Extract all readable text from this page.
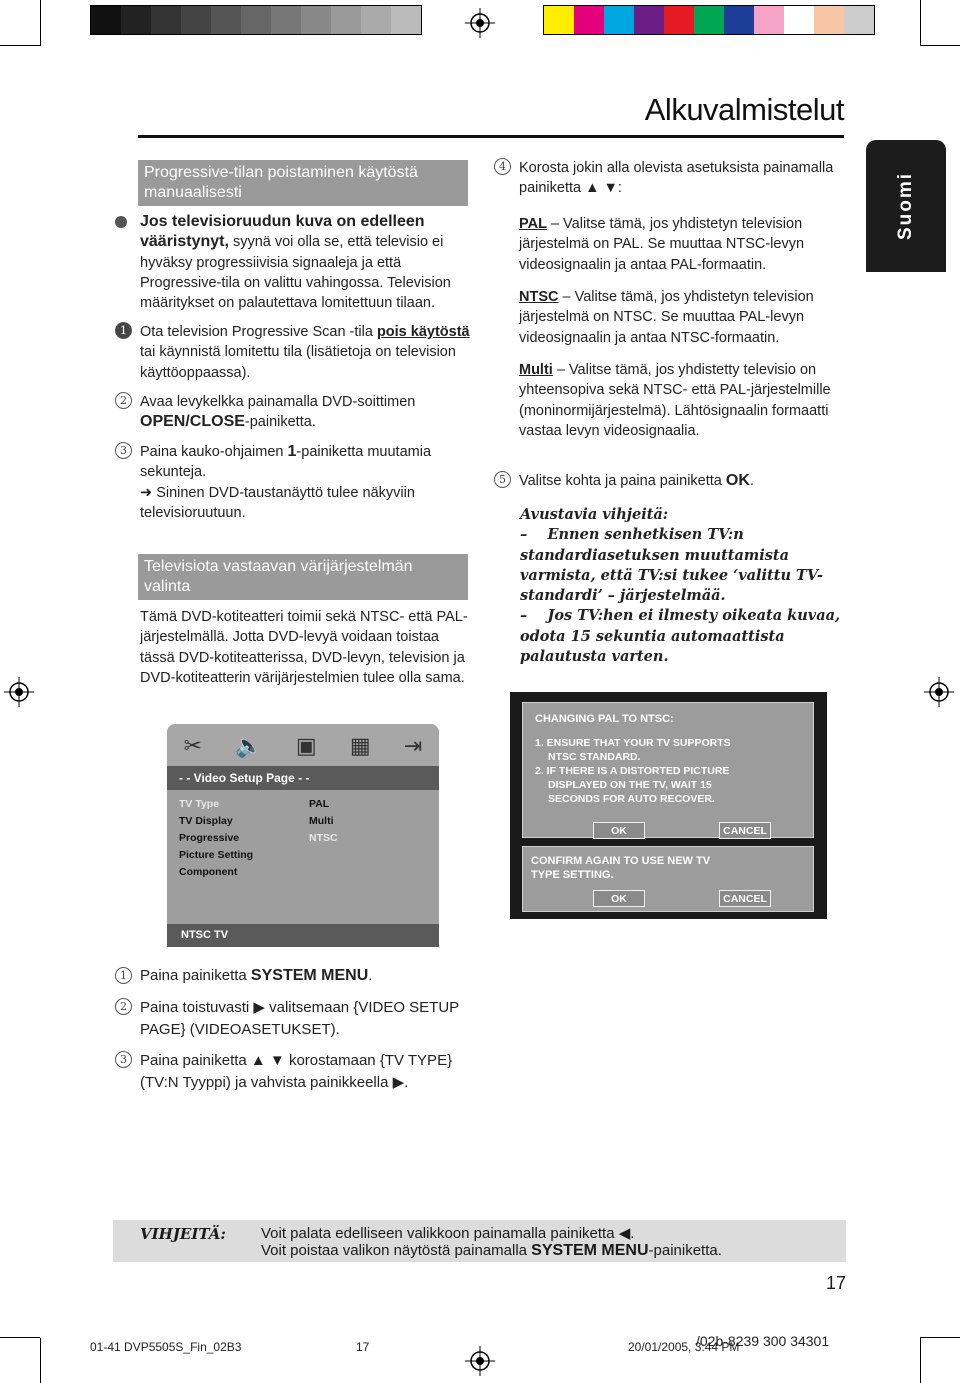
Alkuvalmistelut
Suomi
Progressive-tilan poistaminen käytöstä manuaalisesti
Jos televisioruudun kuva on edelleen vääristynyt, syynä voi olla se, että televisio ei hyväksy progressiivisia signaaleja ja että Progressive-tila on valittu vahingossa. Television määritykset on palautettava lomitettuun tilaan.
1 Ota television Progressive Scan -tila pois käytöstä tai käynnistä lomitettu tila (lisätietoja on television käyttöoppaassa).
2 Avaa levykelkka painamalla DVD-soittimen OPEN/CLOSE-painiketta.
3 Paina kauko-ohjaimen 1-painiketta muutamia sekunteja.
➜ Sininen DVD-taustanäyttö tulee näkyviin televisioruutuun.
Televisiota vastaavan värijärjestelmän valinta
Tämä DVD-kotiteatteri toimii sekä NTSC- että PAL-järjestelmällä. Jotta DVD-levyä voidaan toistaa tässä DVD-kotiteatterissa, DVD-levyn, television ja DVD-kotiteatterin värijärjestelmien tulee olla sama.
✂ 🔈 ▣ ▦ ⇥
- - Video Setup Page - -
TV Type	PAL
TV Display	Multi
Progressive	NTSC
Picture Setting
Component
NTSC TV
1 Paina painiketta SYSTEM MENU.
2 Paina toistuvasti ▶ valitsemaan {VIDEO SETUP PAGE} (VIDEOASETUKSET).
3 Paina painiketta ▲ ▼ korostamaan {TV TYPE} (TV:N Tyyppi) ja vahvista painikkeella ▶.
4 Korosta jokin alla olevista asetuksista painamalla painiketta ▲ ▼:
PAL – Valitse tämä, jos yhdistetyn television järjestelmä on PAL. Se muuttaa NTSC-levyn videosignaalin ja antaa PAL-formaatin.
NTSC – Valitse tämä, jos yhdistetyn television järjestelmä on NTSC. Se muuttaa PAL-levyn videosignaalin ja antaa NTSC-formaatin.
Multi – Valitse tämä, jos yhdistetty televisio on yhteensopiva sekä NTSC- että PAL-järjestelmille (moninormijärjestelmä). Lähtösignaalin formaatti vastaa levyn videosignaalia.
5 Valitse kohta ja paina painiketta OK.
Avustavia vihjeitä:
–    Ennen senhetkisen TV:n standardiasetuksen muuttamista varmista, että TV:si tukee ‘valittu TV-standardi’ – järjestelmää.
–    Jos TV:hen ei ilmesty oikeata kuvaa, odota 15 sekuntia automaattista palautusta varten.
CHANGING PAL TO NTSC:
1. ENSURE THAT YOUR TV SUPPORTS
NTSC STANDARD.
2. IF THERE IS A DISTORTED PICTURE
DISPLAYED ON THE TV, WAIT 15
SECONDS FOR AUTO RECOVER.
OK	CANCEL
CONFIRM AGAIN TO USE NEW TV
TYPE SETTING.
OK	CANCEL
VIHJEITÄ: Voit palata edelliseen valikkoon painamalla painiketta ◀.
Voit poistaa valikon näytöstä painamalla SYSTEM MENU-painiketta.
17
01-41 DVP5505S_Fin_02B3	17	20/01/2005, 3:44 PM
/02b-8239 300 34301
